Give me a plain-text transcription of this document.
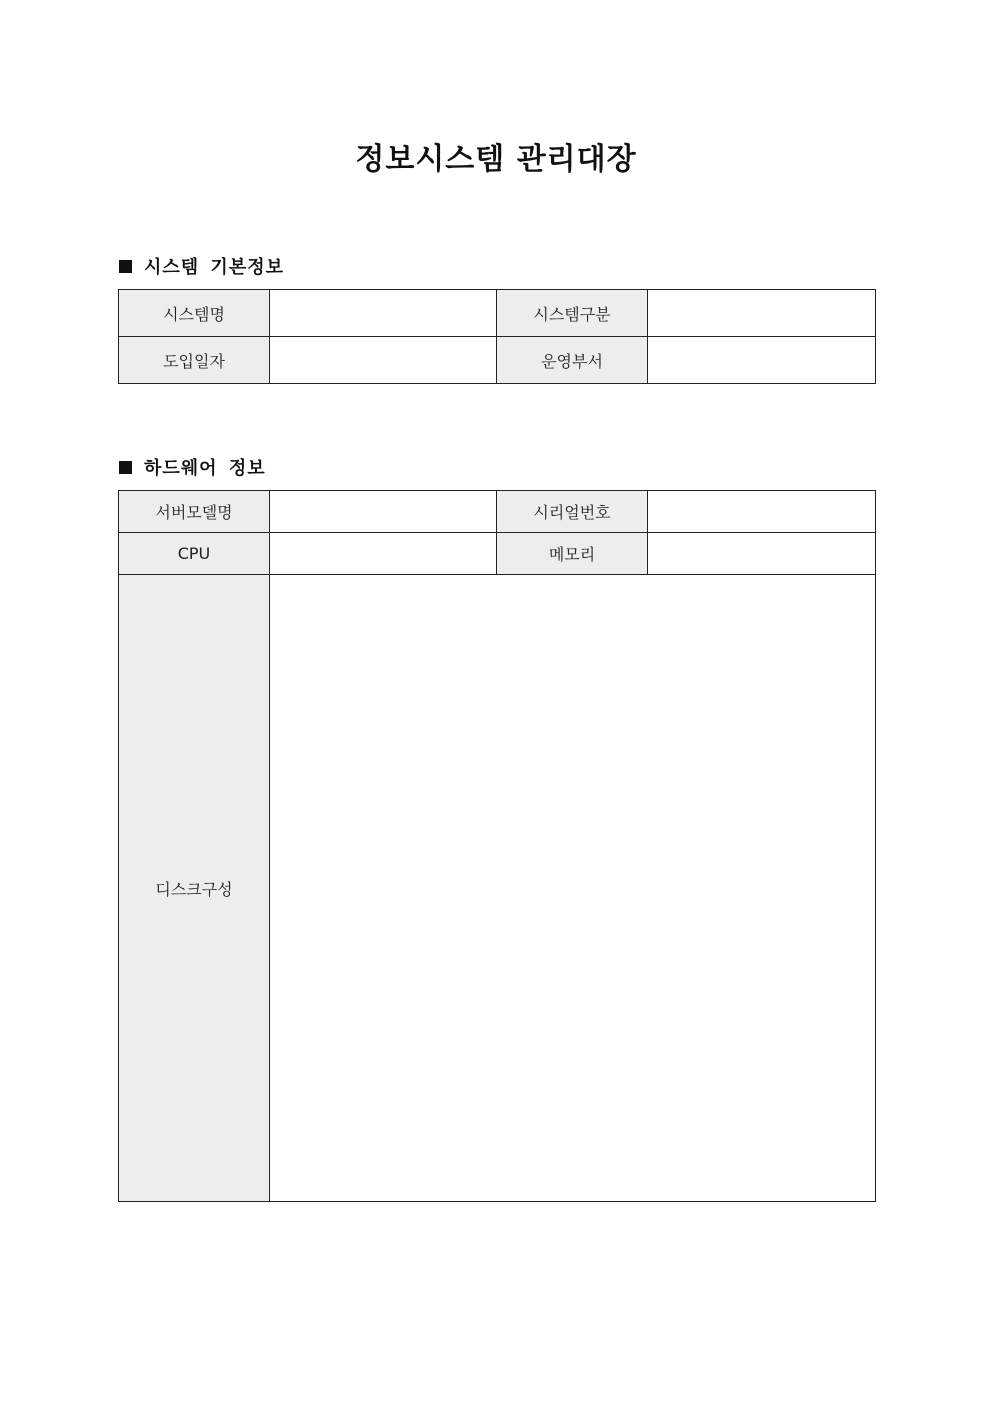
정보시스템 관리대장
시스템 기본정보
시스템명		시스템구분	
도입일자		운영부서	
하드웨어 정보
서버모델명		시리얼번호	
CPU		메모리	
디스크구성			
